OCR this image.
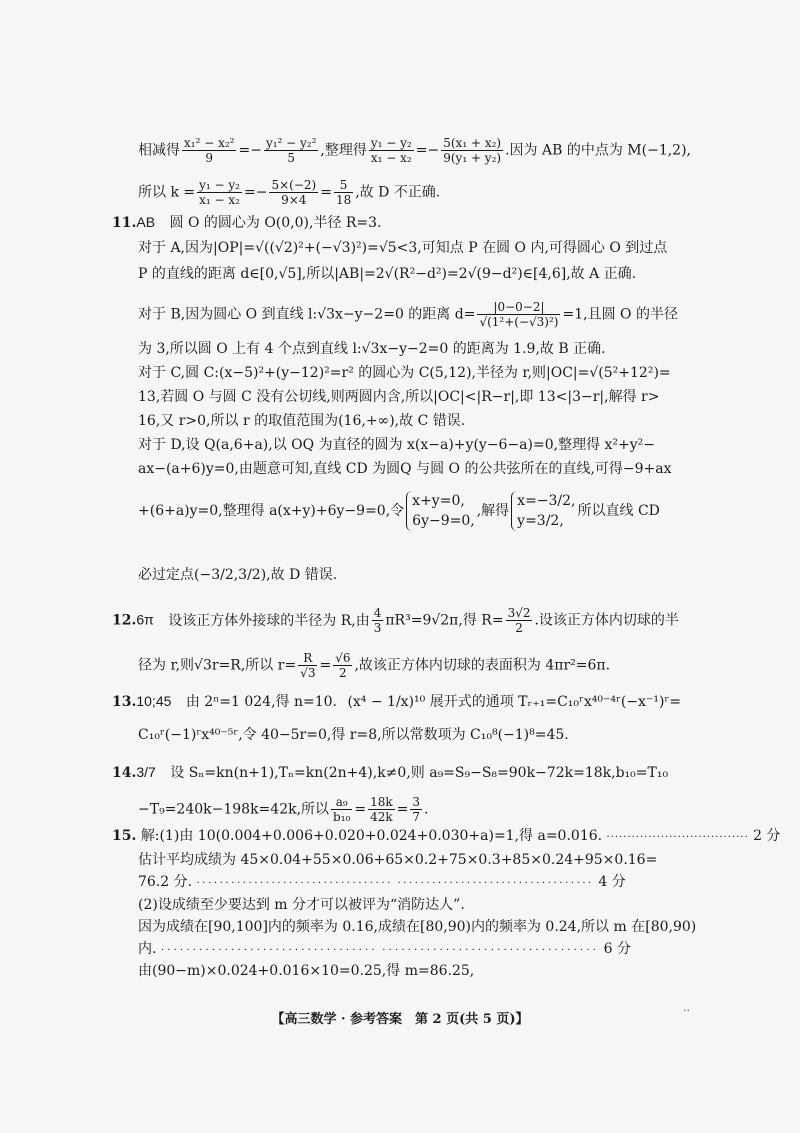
相减得 $\frac{\text{x₁² − x₂²}}{9} =- \frac{\text{y₁² − y₂²}}{5}$ ,整理得 $\frac{\text{y₁ − y₂}}{\text{x₁ − x₂}} =- \frac{\text{5(x₁ + x₂)}}{\text{9(y₁ + y₂)}}$ .因为 AB 的中点为 M(−1,2),
所以 $k = \frac{\text{y₁ − y₂}}{\text{x₁ − x₂}} =- \frac{5\times(-2)}{9\times 4} = \frac{5}{18}$ ,故 D 不正确.
11.AB 圆 O 的圆心为 O(0,0),半径 R=3.
对于 A,因为|OP|=√((√2)²+(−√3)²)=√5<3,可知点 P 在圆 O 内,可得圆心 O 到过点
P 的直线的距离 d∈[0,√5],所以|AB|=2√(R²−d²)=2√(9−d²)∈[4,6],故 A 正确.
对于 B,因为圆心 O 到直线 l:√3x−y−2=0 的距离 $d= \frac{|0-0-2|}{\text{√(1²+(−√3)²)}} =1$,且圆 O 的半径
为 3,所以圆 O 上有 4 个点到直线 l:√3x−y−2=0 的距离为 1.9,故 B 正确.
对于 C,圆 C:(x−5)²+(y−12)²=r² 的圆心为 C(5,12),半径为 r,则|OC|=√(5²+12²)=
13,若圆 O 与圆 C 没有公切线,则两圆内含,所以|OC|<|R−r|,即 13<|3−r|,解得 r>
16,又 r>0,所以 r 的取值范围为(16,+∞),故 C 错误.
对于 D,设 Q(a,6+a),以 OQ 为直径的圆为 x(x−a)+y(y−6−a)=0,整理得 x²+y²−
ax−(a+6)y=0,由题意可知,直线 CD 为圆Q 与圆 O 的公共弦所在的直线,可得−9+ax
+(6+a)y=0,整理得 a(x+y)+6y−9=0,令
x+y=0,
6y−9=0,
,解得
x=−3/2,
y=3/2,
所以直线 CD
必过定点(−3/2,3/2),故 D 错误.
12.6π 设该正方体外接球的半径为 R,由 $\frac{4}{3} \pi R^3=9√2\pi$,得 $R= \frac{3√2}{2}$ .设该正方体内切球的半
径为 r,则√3r=R,所以 $r= \frac{R}{√3} = \frac{√6}{2}$ ,故该正方体内切球的表面积为 4πr²=6π.
13.10;45 由 2ⁿ=1 024,得 n=10. (x⁴ − 1/x)¹⁰ 展开式的通项 Tᵣ₊₁=C₁₀ʳx⁴⁰⁻⁴ʳ(−x⁻¹)ʳ=
C₁₀ʳ(−1)ʳx⁴⁰⁻⁵ʳ,令 40−5r=0,得 r=8,所以常数项为 C₁₀⁸(−1)⁸=45.
14.3/7 设 Sₙ=kn(n+1),Tₙ=kn(2n+4),k≠0,则 a₉=S₉−S₈=90k−72k=18k,b₁₀=T₁₀
−T₉=240k−198k=42k,所以 $\frac{\text{a₉}}{\text{b₁₀}} = \frac{18k}{42k} = \frac{3}{7}$ .
15. 解:(1)由 10(0.004+0.006+0.020+0.024+0.030+a)=1,得 a=0.016. ·································· 2 分
估计平均成绩为 45×0.04+55×0.06+65×0.2+75×0.3+85×0.24+95×0.16=
76.2 分. ·································· ·································· 4 分
(2)设成绩至少要达到 m 分才可以被评为“消防达人”.
因为成绩在[90,100]内的频率为 0.16,成绩在[80,90)内的频率为 0.24,所以 m 在[80,90)
内. ·································· ·································· 6 分
由(90−m)×0.024+0.016×10=0.25,得 m=86.25,
【高三数学 · 参考答案　第 2 页(共 5 页)】
··
